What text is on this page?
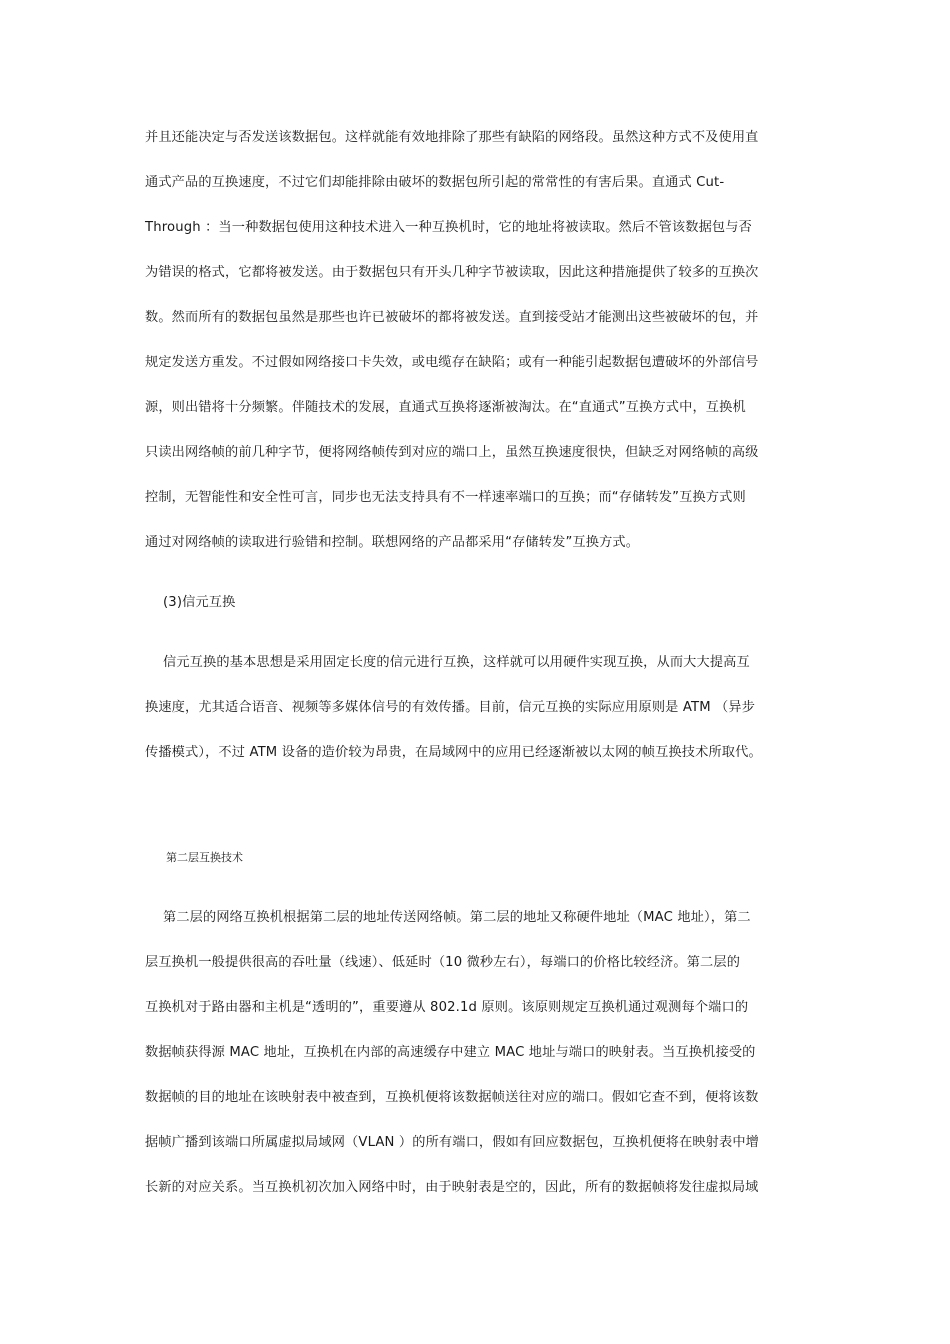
并且还能决定与否发送该数据包。这样就能有效地排除了那些有缺陷的网络段。虽然这种方式不及使用直
通式产品的互换速度，不过它们却能排除由破坏的数据包所引起的常常性的有害后果。直通式 Cut-
Through ：当一种数据包使用这种技术进入一种互换机时，它的地址将被读取。然后不管该数据包与否
为错误的格式，它都将被发送。由于数据包只有开头几种字节被读取，因此这种措施提供了较多的互换次
数。然而所有的数据包虽然是那些也许已被破坏的都将被发送。直到接受站才能测出这些被破坏的包，并
规定发送方重发。不过假如网络接口卡失效，或电缆存在缺陷；或有一种能引起数据包遭破坏的外部信号
源，则出错将十分频繁。伴随技术的发展，直通式互换将逐渐被淘汰。在“直通式”互换方式中，互换机
只读出网络帧的前几种字节，便将网络帧传到对应的端口上，虽然互换速度很快，但缺乏对网络帧的高级
控制，无智能性和安全性可言，同步也无法支持具有不一样速率端口的互换；而“存储转发”互换方式则
通过对网络帧的读取进行验错和控制。联想网络的产品都采用“存储转发”互换方式。
(3)信元互换
信元互换的基本思想是采用固定长度的信元进行互换，这样就可以用硬件实现互换，从而大大提高互
换速度，尤其适合语音、视频等多媒体信号的有效传播。目前，信元互换的实际应用原则是 ATM （异步
传播模式），不过 ATM 设备的造价较为昂贵，在局域网中的应用已经逐渐被以太网的帧互换技术所取代。
第二层互换技术
第二层的网络互换机根据第二层的地址传送网络帧。第二层的地址又称硬件地址（MAC 地址），第二
层互换机一般提供很高的吞吐量（线速）、低延时（10 微秒左右），每端口的价格比较经济。第二层的
互换机对于路由器和主机是“透明的”，重要遵从 802.1d 原则。该原则规定互换机通过观测每个端口的
数据帧获得源 MAC 地址，互换机在内部的高速缓存中建立 MAC 地址与端口的映射表。当互换机接受的
数据帧的目的地址在该映射表中被查到，互换机便将该数据帧送往对应的端口。假如它查不到，便将该数
据帧广播到该端口所属虚拟局域网（VLAN ）的所有端口，假如有回应数据包，互换机便将在映射表中增
长新的对应关系。当互换机初次加入网络中时，由于映射表是空的，因此，所有的数据帧将发往虚拟局域
